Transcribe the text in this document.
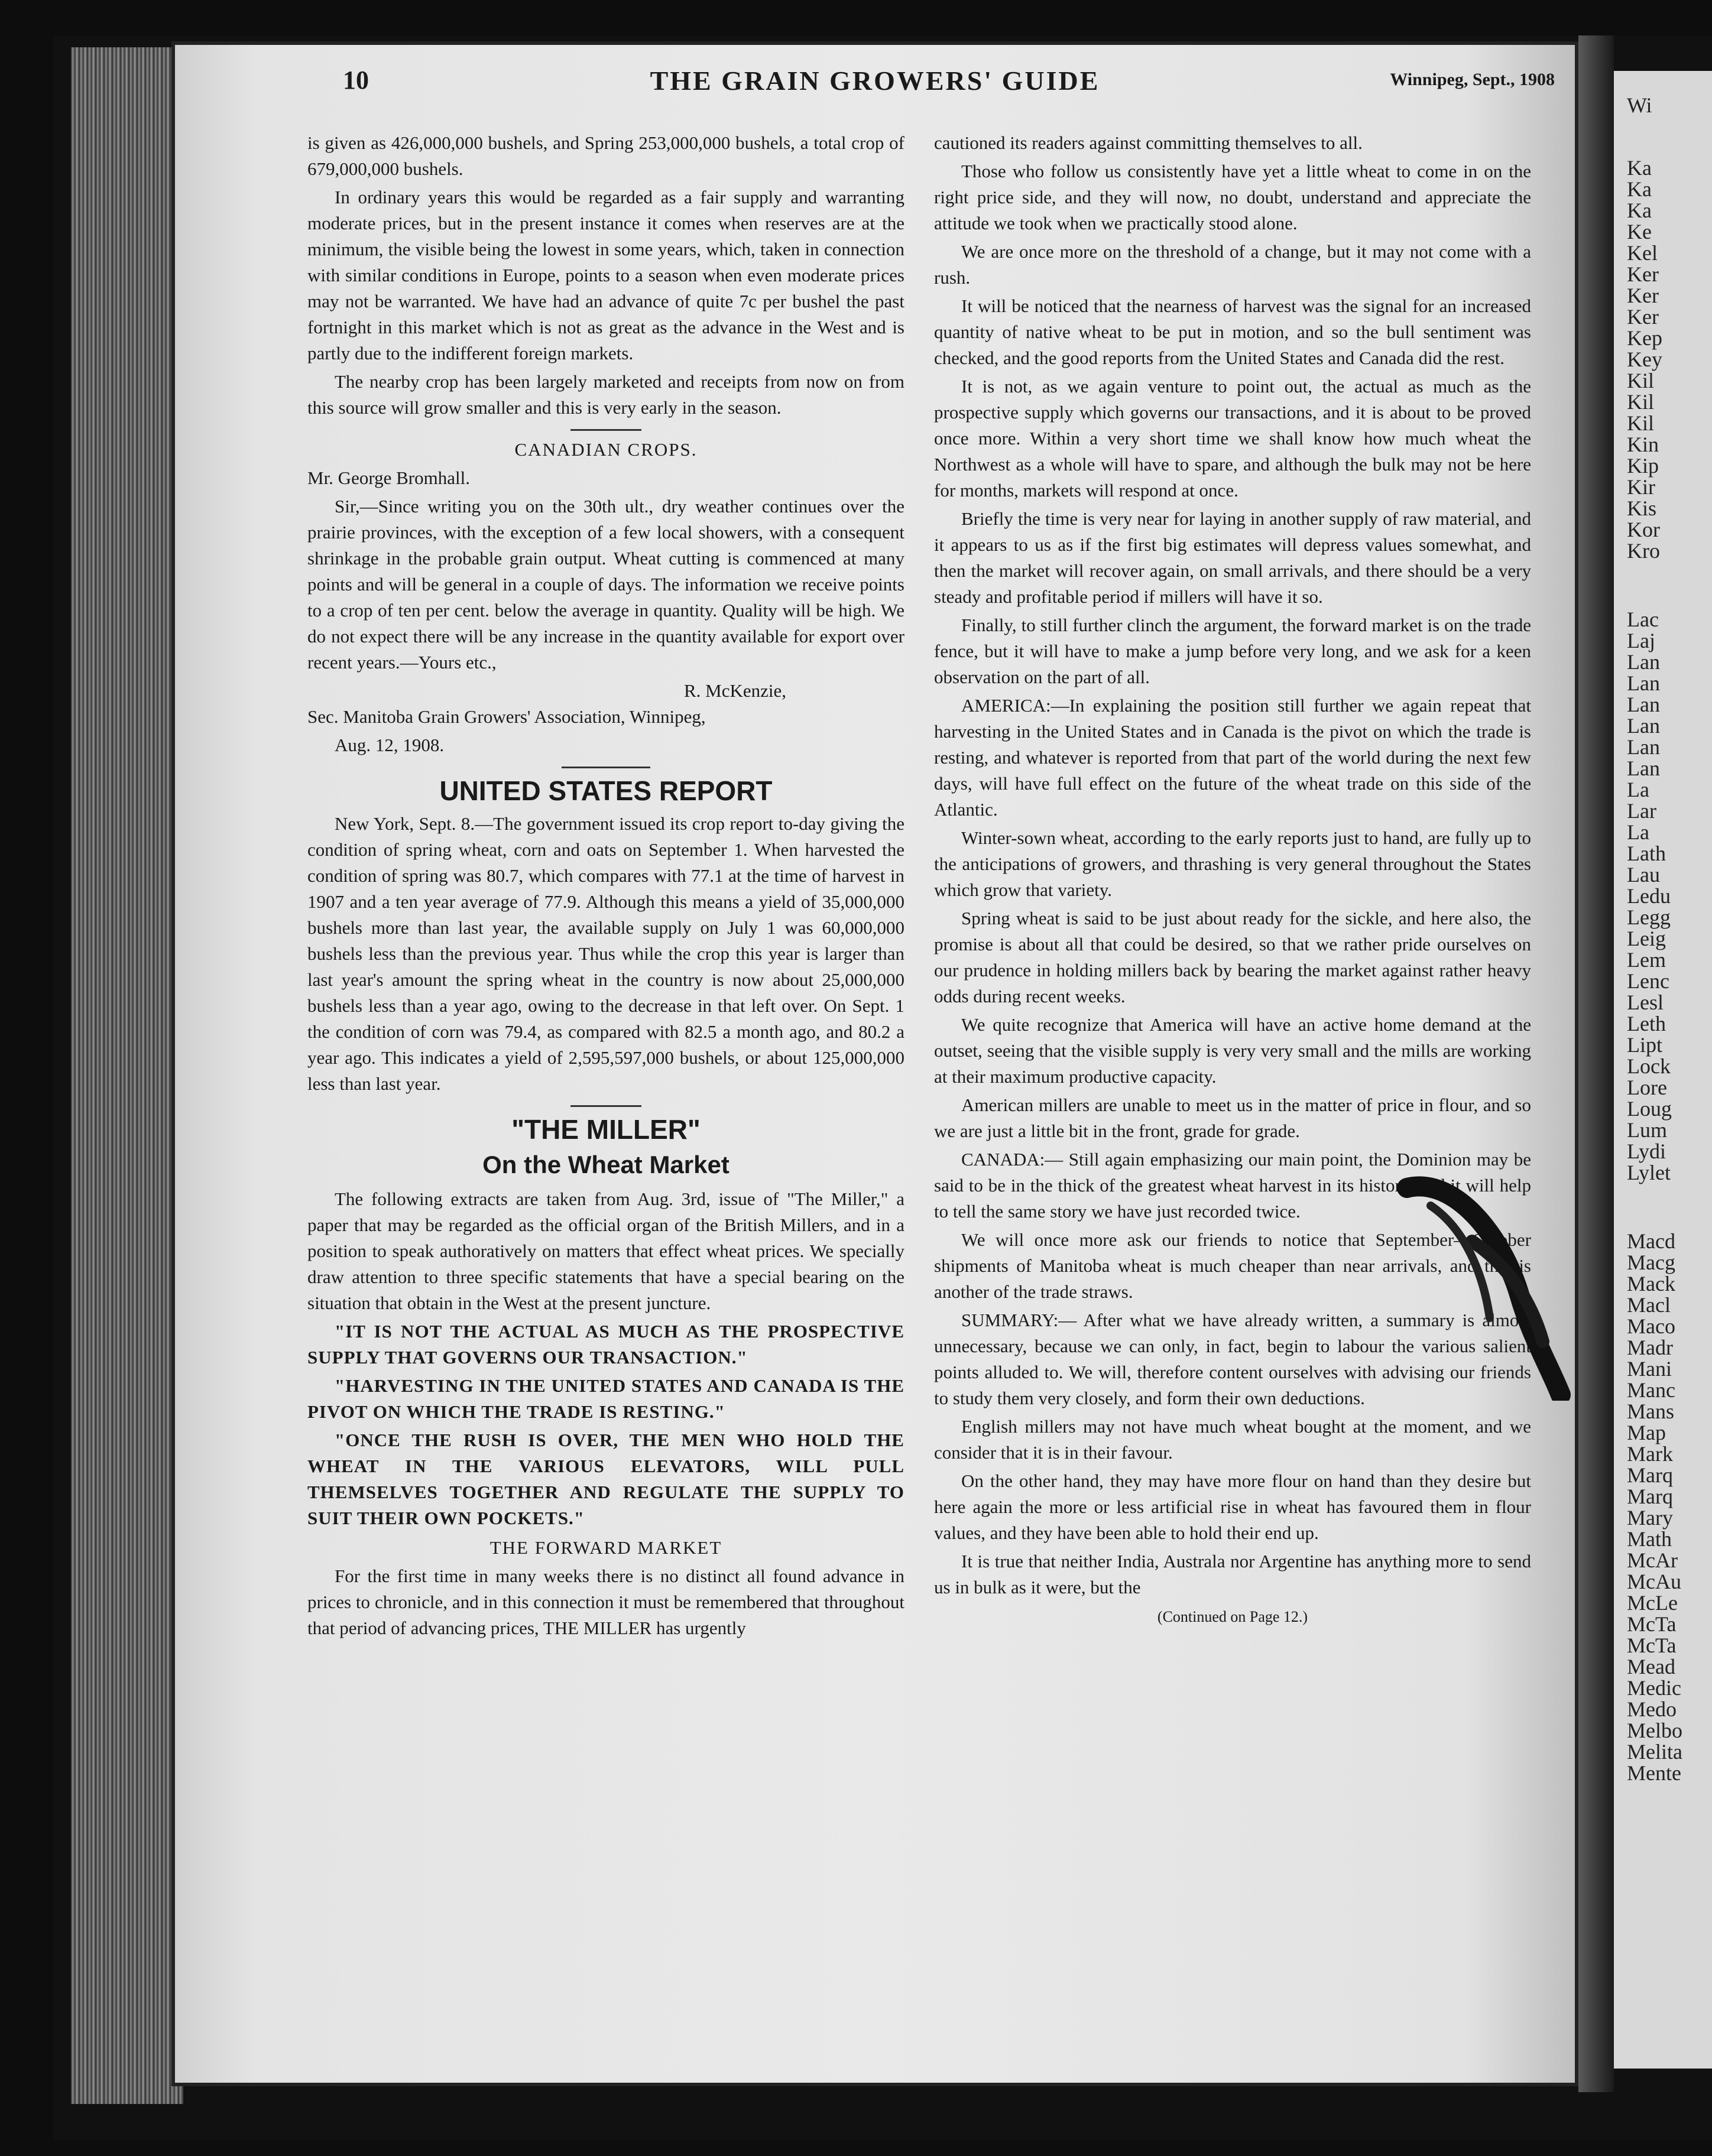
Wi
Ka
Ka
Ka
Ke
Kel
Ker
Ker
Ker
Kep
Key
Kil
Kil
Kil
Kin
Kip
Kir
Kis
Kor
Kro
Lac
Laj
Lan
Lan
Lan
Lan
Lan
Lan
La
Lar
La
Lath
Lau
Ledu
Legg
Leig
Lem
Lenc
Lesl
Leth
Lipt
Lock
Lore
Loug
Lum
Lydi
Lylet
Macd
Macg
Mack
Macl
Maco
Madr
Mani
Manc
Mans
Map
Mark
Marq
Marq
Mary
Math
McAr
McAu
McLe
McTa
McTa
Mead
Medic
Medo
Melbo
Melita
Mente
10	THE GRAIN GROWERS' GUIDE	Winnipeg, Sept., 1908

is given as 426,000,000 bushels, and Spring 253,000,000 bushels, a total crop of 679,000,000 bushels.

In ordinary years this would be regarded as a fair supply and warranting moderate prices, but in the present instance it comes when reserves are at the minimum, the visible being the lowest in some years, which, taken in connection with similar conditions in Europe, points to a season when even moderate prices may not be warranted. We have had an advance of quite 7c per bushel the past fortnight in this market which is not as great as the advance in the West and is partly due to the indifferent foreign markets.

The nearby crop has been largely marketed and receipts from now on from this source will grow smaller and this is very early in the season.

CANADIAN CROPS.

Mr. George Bromhall.

Sir,—Since writing you on the 30th ult., dry weather continues over the prairie provinces, with the exception of a few local showers, with a consequent shrinkage in the probable grain output. Wheat cutting is commenced at many points and will be general in a couple of days. The information we receive points to a crop of ten per cent. below the average in quantity. Quality will be high. We do not expect there will be any increase in the quantity available for export over recent years.—Yours etc.,

R. McKenzie,

Sec. Manitoba Grain Growers' Association, Winnipeg,

Aug. 12, 1908.

UNITED STATES REPORT

New York, Sept. 8.—The government issued its crop report to-day giving the condition of spring wheat, corn and oats on September 1. When harvested the condition of spring was 80.7, which compares with 77.1 at the time of harvest in 1907 and a ten year average of 77.9. Although this means a yield of 35,000,000 bushels more than last year, the available supply on July 1 was 60,000,000 bushels less than the previous year. Thus while the crop this year is larger than last year's amount the spring wheat in the country is now about 25,000,000 bushels less than a year ago, owing to the decrease in that left over. On Sept. 1 the condition of corn was 79.4, as compared with 82.5 a month ago, and 80.2 a year ago. This indicates a yield of 2,595,597,000 bushels, or about 125,000,000 less than last year.

"THE MILLER"
On the Wheat Market

The following extracts are taken from Aug. 3rd, issue of "The Miller," a paper that may be regarded as the official organ of the British Millers, and in a position to speak authoratively on matters that effect wheat prices. We specially draw attention to three specific statements that have a special bearing on the situation that obtain in the West at the present juncture.

"IT IS NOT THE ACTUAL AS MUCH AS THE PROSPECTIVE SUPPLY THAT GOVERNS OUR TRANSACTION."

"HARVESTING IN THE UNITED STATES AND CANADA IS THE PIVOT ON WHICH THE TRADE IS RESTING."

"ONCE THE RUSH IS OVER, THE MEN WHO HOLD THE WHEAT IN THE VARIOUS ELEVATORS, WILL PULL THEMSELVES TOGETHER AND REGULATE THE SUPPLY TO SUIT THEIR OWN POCKETS."

THE FORWARD MARKET

For the first time in many weeks there is no distinct all found advance in prices to chronicle, and in this connection it must be remembered that throughout that period of advancing prices, THE MILLER has urgently

cautioned its readers against committing themselves to all.

Those who follow us consistently have yet a little wheat to come in on the right price side, and they will now, no doubt, understand and appreciate the attitude we took when we practically stood alone.

We are once more on the threshold of a change, but it may not come with a rush.

It will be noticed that the nearness of harvest was the signal for an increased quantity of native wheat to be put in motion, and so the bull sentiment was checked, and the good reports from the United States and Canada did the rest.

It is not, as we again venture to point out, the actual as much as the prospective supply which governs our transactions, and it is about to be proved once more. Within a very short time we shall know how much wheat the Northwest as a whole will have to spare, and although the bulk may not be here for months, markets will respond at once.

Briefly the time is very near for laying in another supply of raw material, and it appears to us as if the first big estimates will depress values somewhat, and then the market will recover again, on small arrivals, and there should be a very steady and profitable period if millers will have it so.

Finally, to still further clinch the argument, the forward market is on the trade fence, but it will have to make a jump before very long, and we ask for a keen observation on the part of all.

AMERICA:—In explaining the position still further we again repeat that harvesting in the United States and in Canada is the pivot on which the trade is resting, and whatever is reported from that part of the world during the next few days, will have full effect on the future of the wheat trade on this side of the Atlantic.

Winter-sown wheat, according to the early reports just to hand, are fully up to the anticipations of growers, and thrashing is very general throughout the States which grow that variety.

Spring wheat is said to be just about ready for the sickle, and here also, the promise is about all that could be desired, so that we rather pride ourselves on our prudence in holding millers back by bearing the market against rather heavy odds during recent weeks.

We quite recognize that America will have an active home demand at the outset, seeing that the visible supply is very very small and the mills are working at their maximum productive capacity.

American millers are unable to meet us in the matter of price in flour, and so we are just a little bit in the front, grade for grade.

CANADA:— Still again emphasizing our main point, the Dominion may be said to be in the thick of the greatest wheat harvest in its history, and it will help to tell the same story we have just recorded twice.

We will once more ask our friends to notice that September—October shipments of Manitoba wheat is much cheaper than near arrivals, and this is another of the trade straws.

SUMMARY:— After what we have already written, a summary is almost unnecessary, because we can only, in fact, begin to labour the various salient points alluded to. We will, therefore content ourselves with advising our friends to study them very closely, and form their own deductions.

English millers may not have much wheat bought at the moment, and we consider that it is in their favour.

On the other hand, they may have more flour on hand than they desire but here again the more or less artificial rise in wheat has favoured them in flour values, and they have been able to hold their end up.

It is true that neither India, Australa nor Argentine has anything more to send us in bulk as it were, but the

(Continued on Page 12.)
